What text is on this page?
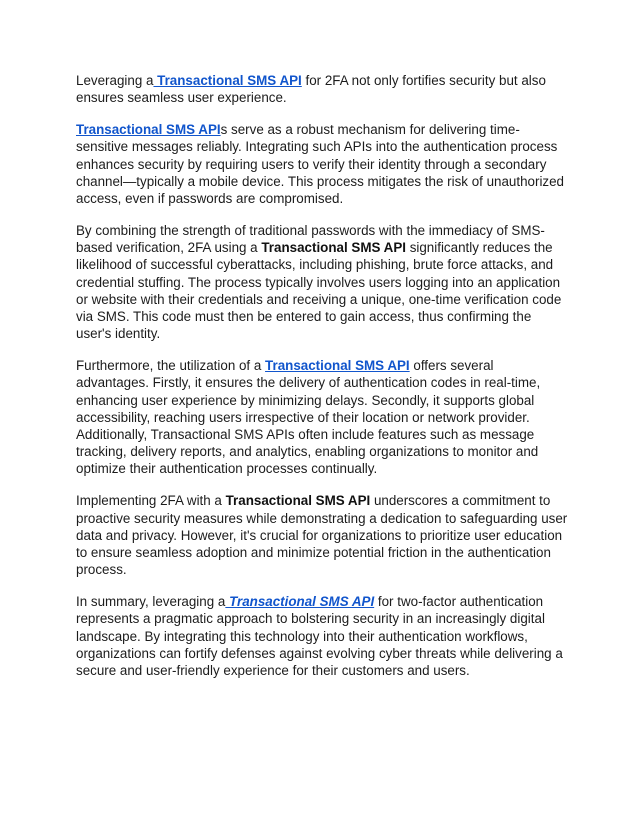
Leveraging a Transactional SMS API for 2FA not only fortifies security but also ensures seamless user experience.

Transactional SMS APIs serve as a robust mechanism for delivering time-sensitive messages reliably. Integrating such APIs into the authentication process enhances security by requiring users to verify their identity through a secondary channel—typically a mobile device. This process mitigates the risk of unauthorized access, even if passwords are compromised.

By combining the strength of traditional passwords with the immediacy of SMS-based verification, 2FA using a Transactional SMS API significantly reduces the likelihood of successful cyberattacks, including phishing, brute force attacks, and credential stuffing. The process typically involves users logging into an application or website with their credentials and receiving a unique, one-time verification code via SMS. This code must then be entered to gain access, thus confirming the user's identity.

Furthermore, the utilization of a Transactional SMS API offers several advantages. Firstly, it ensures the delivery of authentication codes in real-time, enhancing user experience by minimizing delays. Secondly, it supports global accessibility, reaching users irrespective of their location or network provider. Additionally, Transactional SMS APIs often include features such as message tracking, delivery reports, and analytics, enabling organizations to monitor and optimize their authentication processes continually.

Implementing 2FA with a Transactional SMS API underscores a commitment to proactive security measures while demonstrating a dedication to safeguarding user data and privacy. However, it's crucial for organizations to prioritize user education to ensure seamless adoption and minimize potential friction in the authentication process.

In summary, leveraging a Transactional SMS API for two-factor authentication represents a pragmatic approach to bolstering security in an increasingly digital landscape. By integrating this technology into their authentication workflows, organizations can fortify defenses against evolving cyber threats while delivering a secure and user-friendly experience for their customers and users.
